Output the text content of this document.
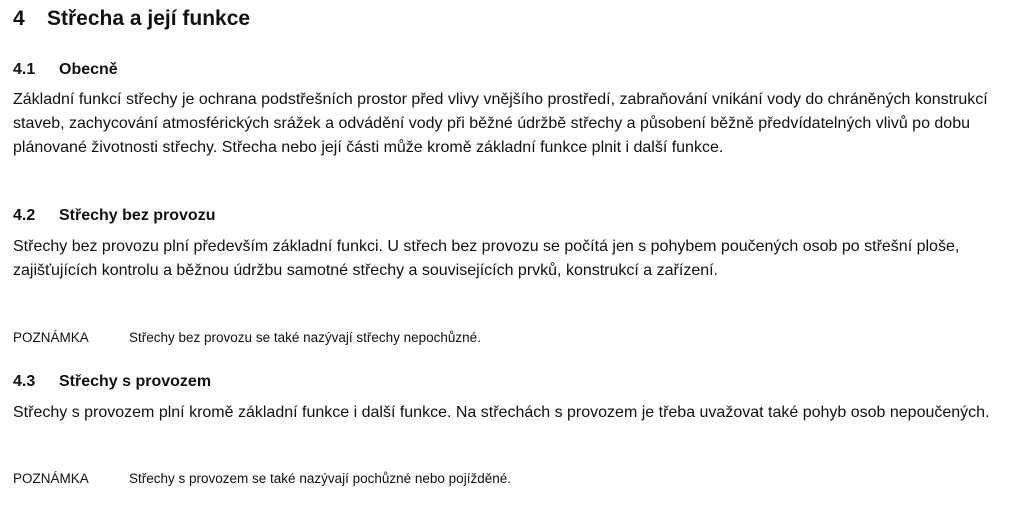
4 Střecha a její funkce
4.1 Obecně

Základní funkcí střechy je ochrana podstřešních prostor před vlivy vnějšího prostředí, zabraňování vnikání vody do chráněných konstrukcí staveb, zachycování atmosférických srážek a odvádění vody při běžné údržbě střechy a působení běžně předvídatelných vlivů po dobu plánované životnosti střechy. Střecha nebo její části může kromě základní funkce plnit i další funkce.

4.2 Střechy bez provozu

Střechy bez provozu plní především základní funkci. U střech bez provozu se počítá jen s pohybem poučených osob po střešní ploše, zajišťujících kontrolu a běžnou údržbu samotné střechy a souvisejících prvků, konstrukcí a zařízení.

POZNÁMKA	Střechy bez provozu se také nazývají střechy nepochůzné.
4.3 Střechy s provozem

Střechy s provozem plní kromě základní funkce i další funkce. Na střechách s provozem je třeba uvažovat také pohyb osob nepoučených.

POZNÁMKA	Střechy s provozem se také nazývají pochůzné nebo pojížděné.
